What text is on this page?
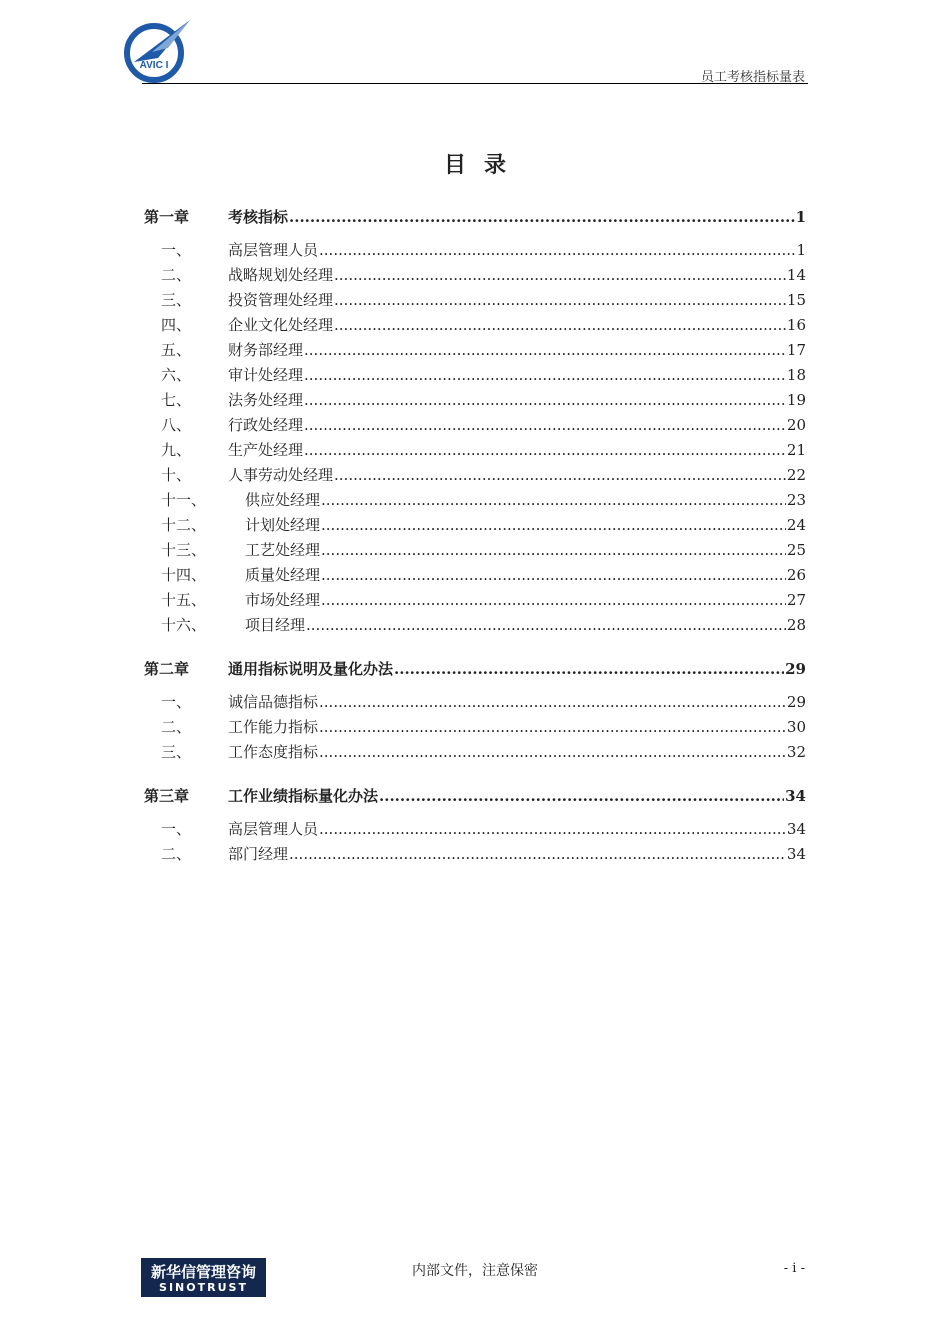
AVIC I
员工考核指标量表
目录
第一章	考核指标 .....	1
一、	高层管理人员 .....	1
二、	战略规划处经理 .....	14
三、	投资管理处经理 .....	15
四、	企业文化处经理 .....	16
五、	财务部经理 .....	17
六、	审计处经理 .....	18
七、	法务处经理 .....	19
八、	行政处经理 .....	20
九、	生产处经理 .....	21
十、	人事劳动处经理 .....	22
十一、	供应处经理 .....	23
十二、	计划处经理 .....	24
十三、	工艺处经理 .....	25
十四、	质量处经理 .....	26
十五、	市场处经理 .....	27
十六、	项目经理 .....	28
第二章	通用指标说明及量化办法 .....	29
一、	诚信品德指标 .....	29
二、	工作能力指标 .....	30
三、	工作态度指标 .....	32
第三章	工作业绩指标量化办法 .....	34
一、	高层管理人员 .....	34
二、	部门经理 .....	34
新华信管理咨询
SINOTRUST
内部文件，注意保密	- i -
